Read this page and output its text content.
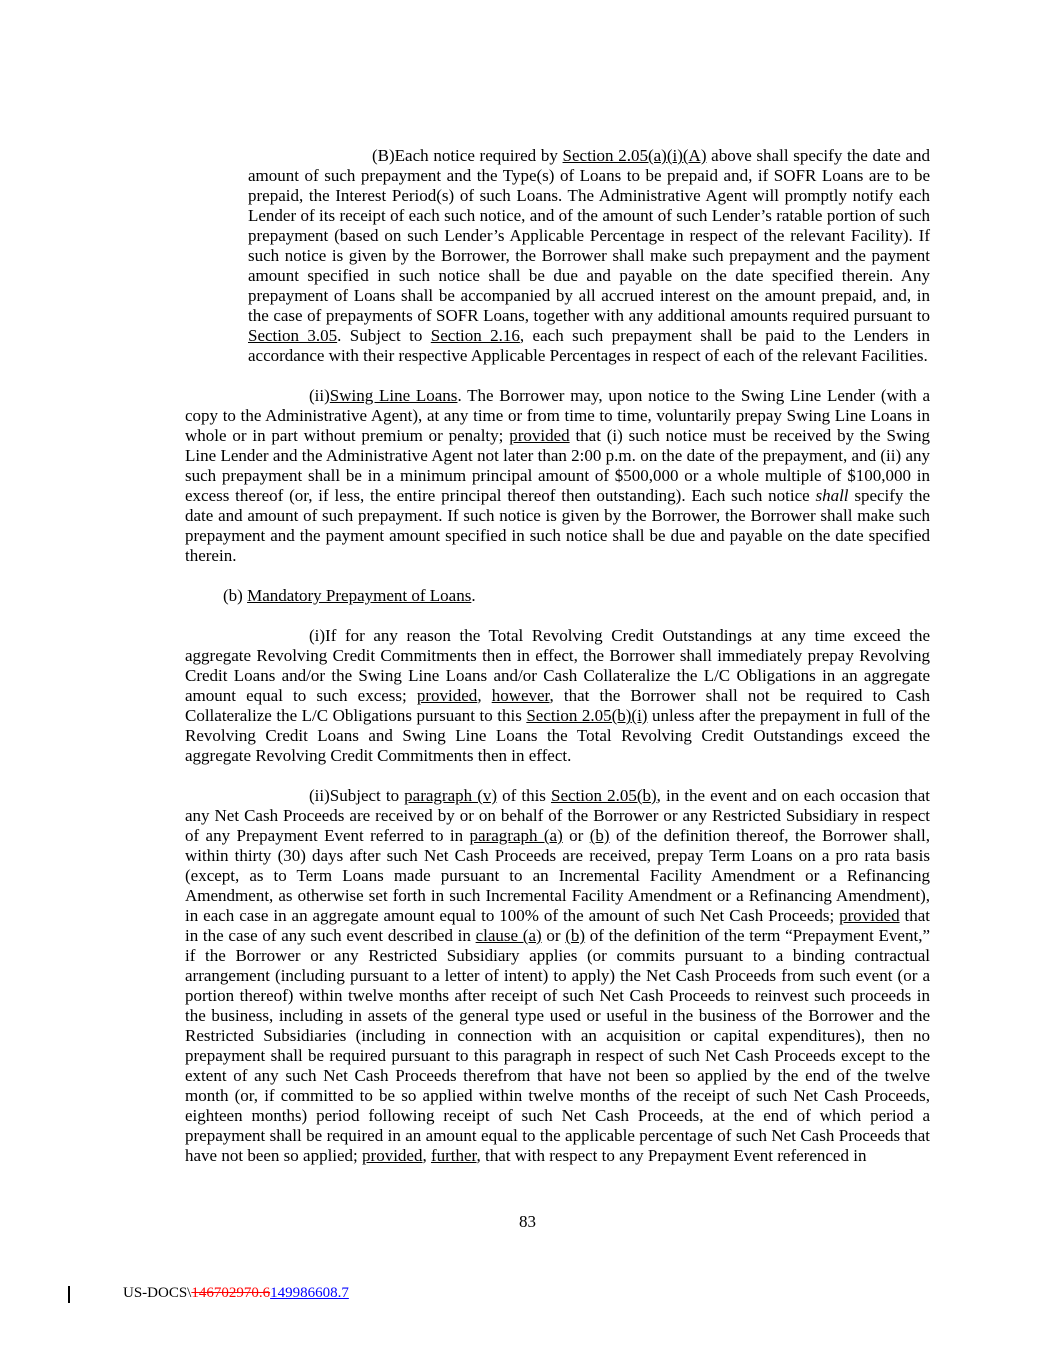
(B)Each notice required by Section 2.05(a)(i)(A) above shall specify the date and amount of such prepayment and the Type(s) of Loans to be prepaid and, if SOFR Loans are to be prepaid, the Interest Period(s) of such Loans. The Administrative Agent will promptly notify each Lender of its receipt of each such notice, and of the amount of such Lender’s ratable portion of such prepayment (based on such Lender’s Applicable Percentage in respect of the relevant Facility). If such notice is given by the Borrower, the Borrower shall make such prepayment and the payment amount specified in such notice shall be due and payable on the date specified therein. Any prepayment of Loans shall be accompanied by all accrued interest on the amount prepaid, and, in the case of prepayments of SOFR Loans, together with any additional amounts required pursuant to Section 3.05. Subject to Section 2.16, each such prepayment shall be paid to the Lenders in accordance with their respective Applicable Percentages in respect of each of the relevant Facilities.

(ii)Swing Line Loans. The Borrower may, upon notice to the Swing Line Lender (with a copy to the Administrative Agent), at any time or from time to time, voluntarily prepay Swing Line Loans in whole or in part without premium or penalty; provided that (i) such notice must be received by the Swing Line Lender and the Administrative Agent not later than 2:00 p.m. on the date of the prepayment, and (ii) any such prepayment shall be in a minimum principal amount of $500,000 or a whole multiple of $100,000 in excess thereof (or, if less, the entire principal thereof then outstanding). Each such notice shall specify the date and amount of such prepayment. If such notice is given by the Borrower, the Borrower shall make such prepayment and the payment amount specified in such notice shall be due and payable on the date specified therein.

(b) Mandatory Prepayment of Loans.

(i)If for any reason the Total Revolving Credit Outstandings at any time exceed the aggregate Revolving Credit Commitments then in effect, the Borrower shall immediately prepay Revolving Credit Loans and/or the Swing Line Loans and/or Cash Collateralize the L/C Obligations in an aggregate amount equal to such excess; provided, however, that the Borrower shall not be required to Cash Collateralize the L/C Obligations pursuant to this Section 2.05(b)(i) unless after the prepayment in full of the Revolving Credit Loans and Swing Line Loans the Total Revolving Credit Outstandings exceed the aggregate Revolving Credit Commitments then in effect.

(ii)Subject to paragraph (v) of this Section 2.05(b), in the event and on each occasion that any Net Cash Proceeds are received by or on behalf of the Borrower or any Restricted Subsidiary in respect of any Prepayment Event referred to in paragraph (a) or (b) of the definition thereof, the Borrower shall, within thirty (30) days after such Net Cash Proceeds are received, prepay Term Loans on a pro rata basis (except, as to Term Loans made pursuant to an Incremental Facility Amendment or a Refinancing Amendment, as otherwise set forth in such Incremental Facility Amendment or a Refinancing Amendment), in each case in an aggregate amount equal to 100% of the amount of such Net Cash Proceeds; provided that in the case of any such event described in clause (a) or (b) of the definition of the term “Prepayment Event,” if the Borrower or any Restricted Subsidiary applies (or commits pursuant to a binding contractual arrangement (including pursuant to a letter of intent) to apply) the Net Cash Proceeds from such event (or a portion thereof) within twelve months after receipt of such Net Cash Proceeds to reinvest such proceeds in the business, including in assets of the general type used or useful in the business of the Borrower and the Restricted Subsidiaries (including in connection with an acquisition or capital expenditures), then no prepayment shall be required pursuant to this paragraph in respect of such Net Cash Proceeds except to the extent of any such Net Cash Proceeds therefrom that have not been so applied by the end of the twelve month (or, if committed to be so applied within twelve months of the receipt of such Net Cash Proceeds, eighteen months) period following receipt of such Net Cash Proceeds, at the end of which period a prepayment shall be required in an amount equal to the applicable percentage of such Net Cash Proceeds that have not been so applied; provided, further, that with respect to any Prepayment Event referenced in

83
US-DOCS\146702970.6149986608.7
